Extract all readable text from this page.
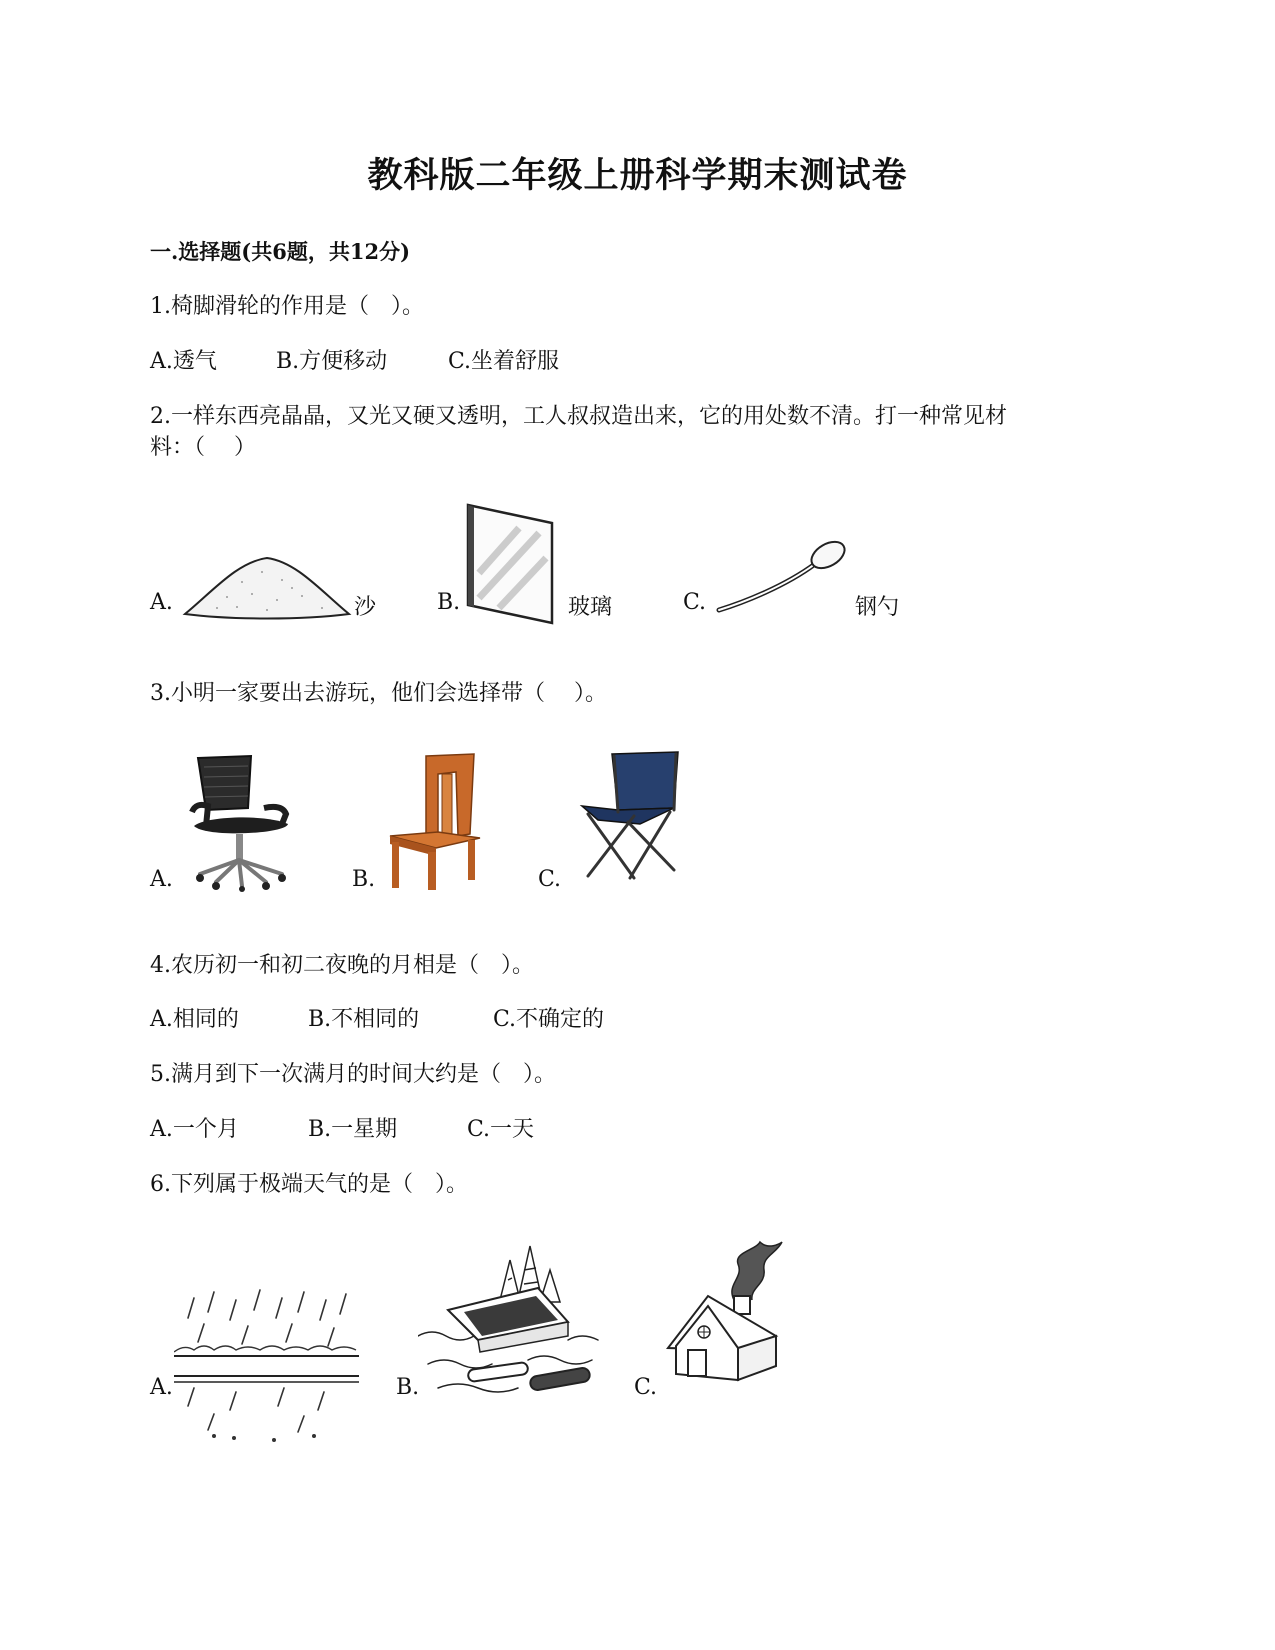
教科版二年级上册科学期末测试卷
一.选择题(共6题，共12分)
1.椅脚滑轮的作用是（　）。
A.透气	B.方便移动	C.坐着舒服
2.一样东西亮晶晶，又光又硬又透明，工人叔叔造出来，它的用处数不清。打一种常见材
料：（　 ）
A.	沙	B.	玻璃	C.	钢勺
3.小明一家要出去游玩，他们会选择带（　 ）。
A.	B.	C.
4.农历初一和初二夜晚的月相是（　）。
A.相同的	B.不相同的	C.不确定的
5.满月到下一次满月的时间大约是（　）。
A.一个月	B.一星期	C.一天
6.下列属于极端天气的是（　）。
A.	B.	C.
